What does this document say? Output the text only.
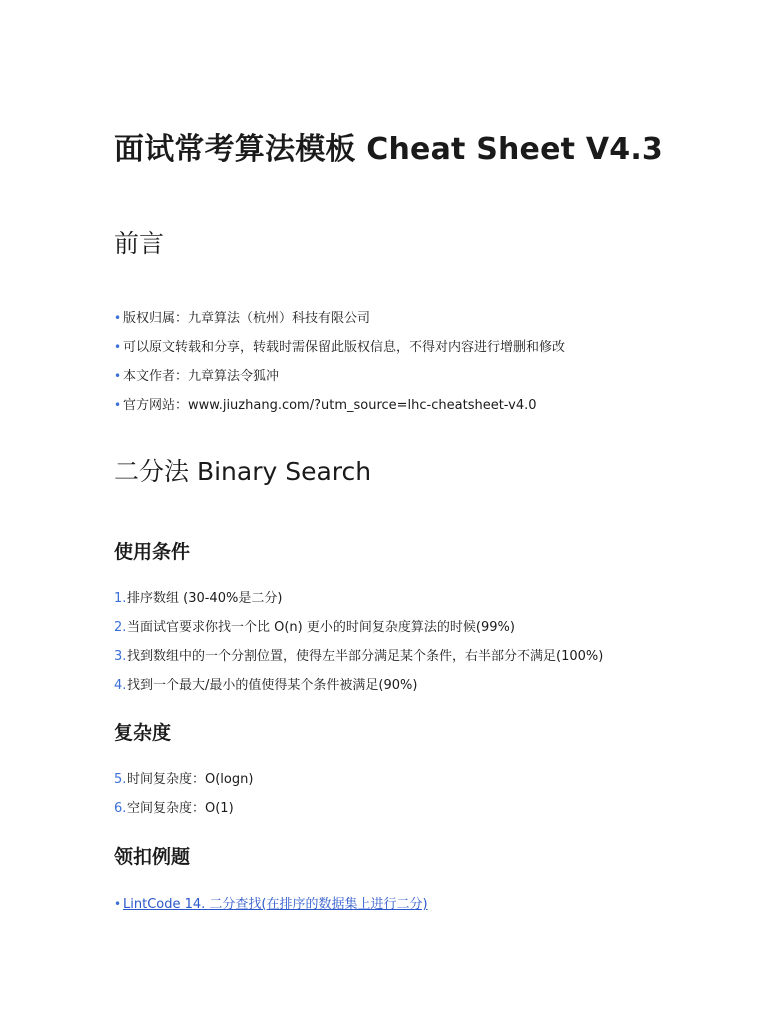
面试常考算法模板 Cheat Sheet V4.3
前言
• 版权归属：九章算法（杭州）科技有限公司
• 可以原文转载和分享，转载时需保留此版权信息，不得对内容进行增删和修改
• 本文作者：九章算法令狐冲
• 官方网站：www.jiuzhang.com/?utm_source=lhc-cheatsheet-v4.0
二分法 Binary Search
使用条件
1.排序数组 (30-40%是二分)
2.当面试官要求你找一个比 O(n) 更小的时间复杂度算法的时候(99%)
3.找到数组中的一个分割位置，使得左半部分满足某个条件，右半部分不满足(100%)
4.找到一个最大/最小的值使得某个条件被满足(90%)
复杂度
5.时间复杂度：O(logn)
6.空间复杂度：O(1)
领扣例题
• LintCode 14. 二分查找(在排序的数据集上进行二分)
